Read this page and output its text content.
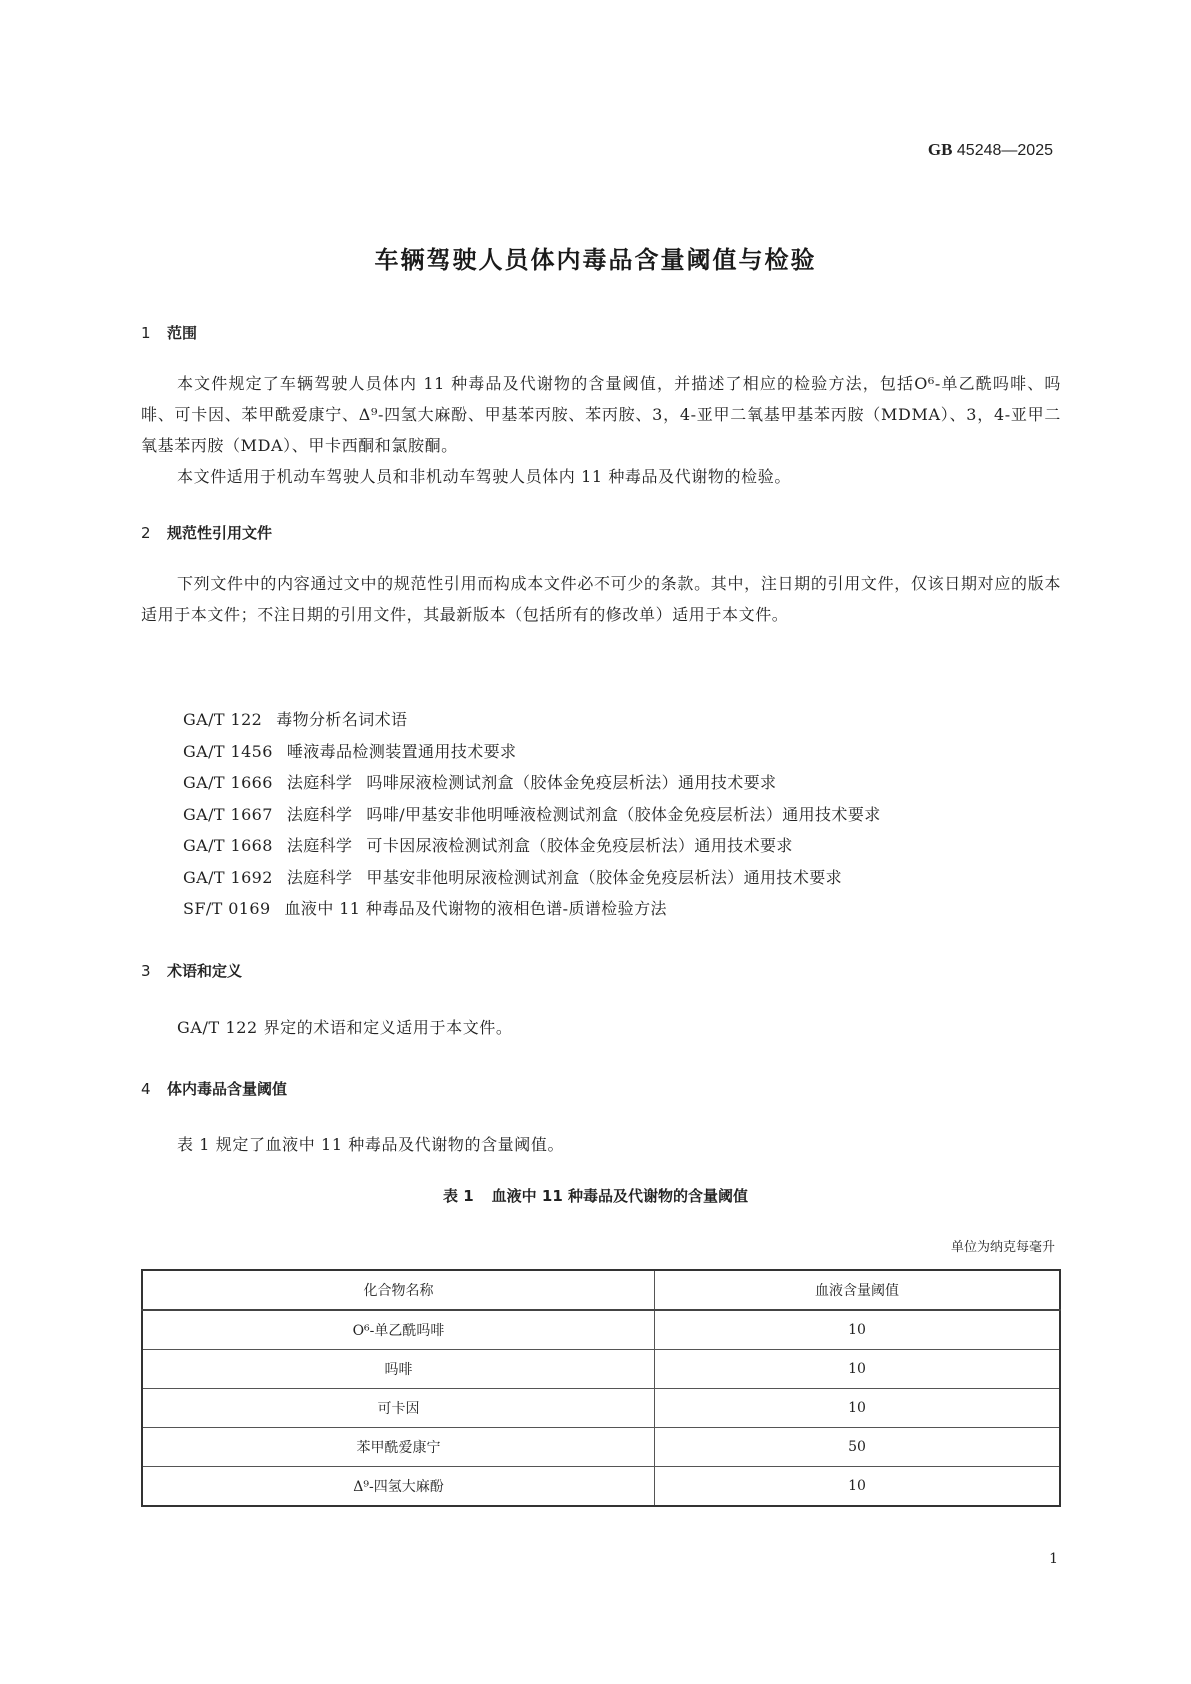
GB 45248—2025
车辆驾驶人员体内毒品含量阈值与检验
1 范围
本文件规定了车辆驾驶人员体内 11 种毒品及代谢物的含量阈值，并描述了相应的检验方法，包括O⁶-单乙酰吗啡、吗啡、可卡因、苯甲酰爱康宁、Δ⁹-四氢大麻酚、甲基苯丙胺、苯丙胺、3，4-亚甲二氧基甲基苯丙胺（MDMA）、3，4-亚甲二氧基苯丙胺（MDA）、甲卡西酮和氯胺酮。
本文件适用于机动车驾驶人员和非机动车驾驶人员体内 11 种毒品及代谢物的检验。
2 规范性引用文件
下列文件中的内容通过文中的规范性引用而构成本文件必不可少的条款。其中，注日期的引用文件，仅该日期对应的版本适用于本文件；不注日期的引用文件，其最新版本（包括所有的修改单）适用于本文件。
GA/T 122 毒物分析名词术语
GA/T 1456 唾液毒品检测装置通用技术要求
GA/T 1666 法庭科学 吗啡尿液检测试剂盒（胶体金免疫层析法）通用技术要求
GA/T 1667 法庭科学 吗啡/甲基安非他明唾液检测试剂盒（胶体金免疫层析法）通用技术要求
GA/T 1668 法庭科学 可卡因尿液检测试剂盒（胶体金免疫层析法）通用技术要求
GA/T 1692 法庭科学 甲基安非他明尿液检测试剂盒（胶体金免疫层析法）通用技术要求
SF/T 0169 血液中 11 种毒品及代谢物的液相色谱-质谱检验方法
3 术语和定义
GA/T 122 界定的术语和定义适用于本文件。
4 体内毒品含量阈值
表 1 规定了血液中 11 种毒品及代谢物的含量阈值。
表 1 血液中 11 种毒品及代谢物的含量阈值
单位为纳克每毫升
化合物名称	血液含量阈值
O⁶-单乙酰吗啡	10
吗啡	10
可卡因	10
苯甲酰爱康宁	50
Δ⁹-四氢大麻酚	10
1
